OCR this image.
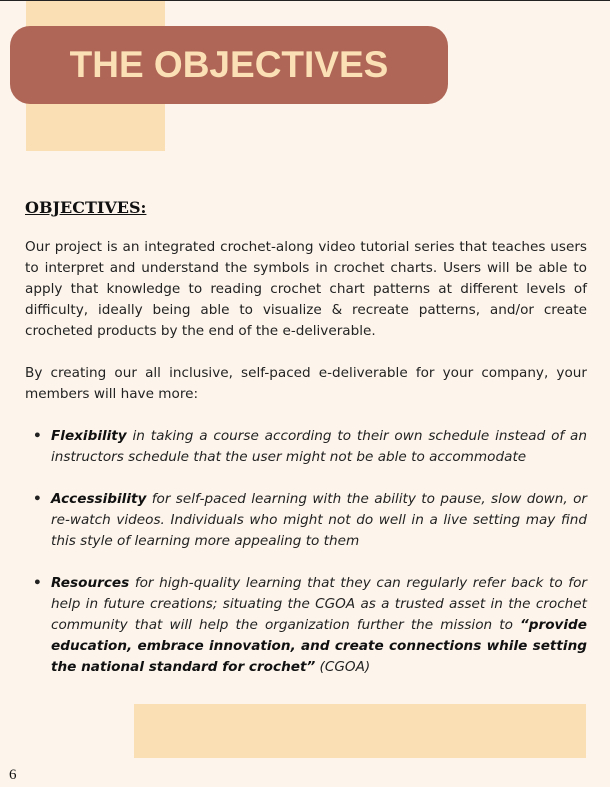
THE OBJECTIVES
OBJECTIVES:

Our project is an integrated crochet-along video tutorial series that teaches users to interpret and understand the symbols in crochet charts. Users will be able to apply that knowledge to reading crochet chart patterns at different levels of difficulty, ideally being able to visualize & recreate patterns, and/or create crocheted products by the end of the e-deliverable.

By creating our all inclusive, self-paced e-deliverable for your company, your members will have more:

• Flexibility in taking a course according to their own schedule instead of an instructors schedule that the user might not be able to accommodate
• Accessibility for self-paced learning with the ability to pause, slow down, or re-watch videos. Individuals who might not do well in a live setting may find this style of learning more appealing to them
• Resources for high-quality learning that they can regularly refer back to for help in future creations; situating the CGOA as a trusted asset in the crochet community that will help the organization further the mission to “provide education, embrace innovation, and create connections while setting the national standard for crochet” (CGOA)
6
